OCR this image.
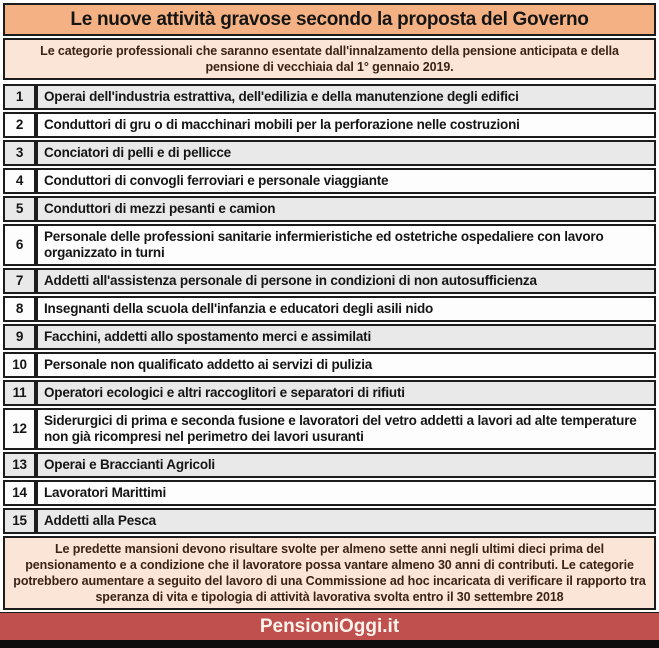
Le nuove attività gravose secondo la proposta del Governo
Le categorie professionali che saranno esentate dall'innalzamento della pensione anticipata e della pensione di vecchiaia dal 1° gennaio 2019.
1	Operai dell'industria estrattiva, dell'edilizia e della manutenzione degli edifici
2	Conduttori di gru o di macchinari mobili per la perforazione nelle costruzioni
3	Conciatori di pelli e di pellicce
4	Conduttori di convogli ferroviari e personale viaggiante
5	Conduttori di mezzi pesanti e camion
6	Personale delle professioni sanitarie infermieristiche ed ostetriche ospedaliere con lavoro organizzato in turni
7	Addetti all'assistenza personale di persone in condizioni di non autosufficienza
8	Insegnanti della scuola dell'infanzia e educatori degli asili nido
9	Facchini, addetti allo spostamento merci e assimilati
10	Personale non qualificato addetto ai servizi di pulizia
11	Operatori ecologici e altri raccoglitori e separatori di rifiuti
12	Siderurgici di prima e seconda fusione e lavoratori del vetro addetti a lavori ad alte temperature non già ricompresi nel perimetro dei lavori usuranti
13	Operai e Braccianti Agricoli
14	Lavoratori Marittimi
15	Addetti alla Pesca
Le predette mansioni devono risultare svolte per almeno sette anni negli ultimi dieci prima del pensionamento e a condizione che il lavoratore possa vantare almeno 30 anni di contributi. Le categorie potrebbero aumentare a seguito del lavoro di una Commissione ad hoc incaricata di verificare il rapporto tra speranza di vita e tipologia di attività lavorativa svolta entro il 30 settembre 2018
PensioniOggi.it
